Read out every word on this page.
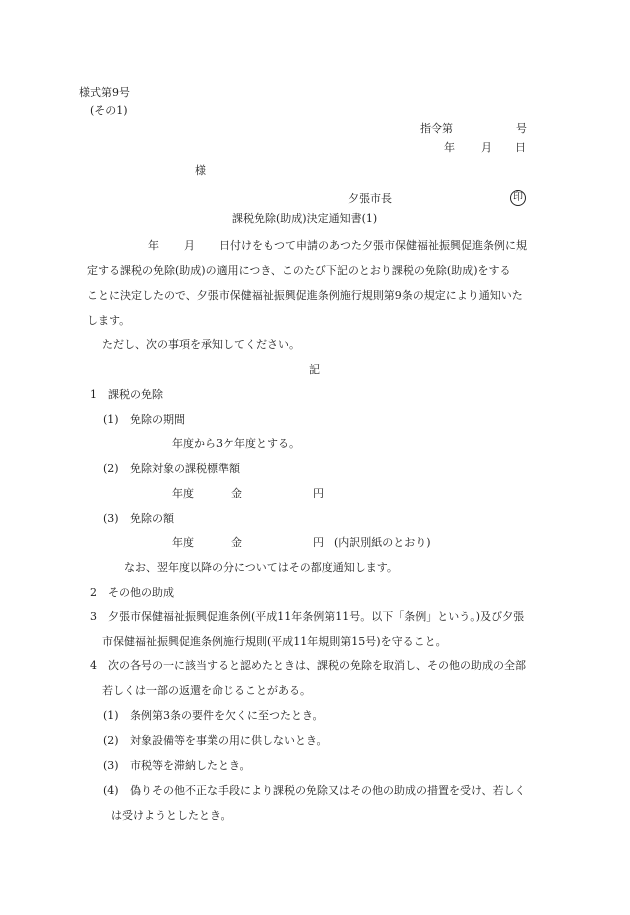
様式第9号
(その1)
指令第	号
年 月 日
様
夕張市長	印
課税免除(助成)決定通知書(1)
年 月 日付けをもつて申請のあつた夕張市保健福祉振興促進条例に規
定する課税の免除(助成)の適用につき、このたび下記のとおり課税の免除(助成)をする
ことに決定したので、夕張市保健福祉振興促進条例施行規則第9条の規定により通知いた
します。
ただし、次の事項を承知してください。
記
1 課税の免除
(1) 免除の期間
年度から3ケ年度とする。
(2) 免除対象の課税標準額
年度	金	円
(3) 免除の額
年度	金	円 (内訳別紙のとおり)
なお、翌年度以降の分についてはその都度通知します。
2 その他の助成
3 夕張市保健福祉振興促進条例(平成11年条例第11号。以下「条例」という。)及び夕張
市保健福祉振興促進条例施行規則(平成11年規則第15号)を守ること。
4 次の各号の一に該当すると認めたときは、課税の免除を取消し、その他の助成の全部
若しくは一部の返還を命じることがある。
(1) 条例第3条の要件を欠くに至つたとき。
(2) 対象設備等を事業の用に供しないとき。
(3) 市税等を滞納したとき。
(4) 偽りその他不正な手段により課税の免除又はその他の助成の措置を受け、若しく
は受けようとしたとき。
